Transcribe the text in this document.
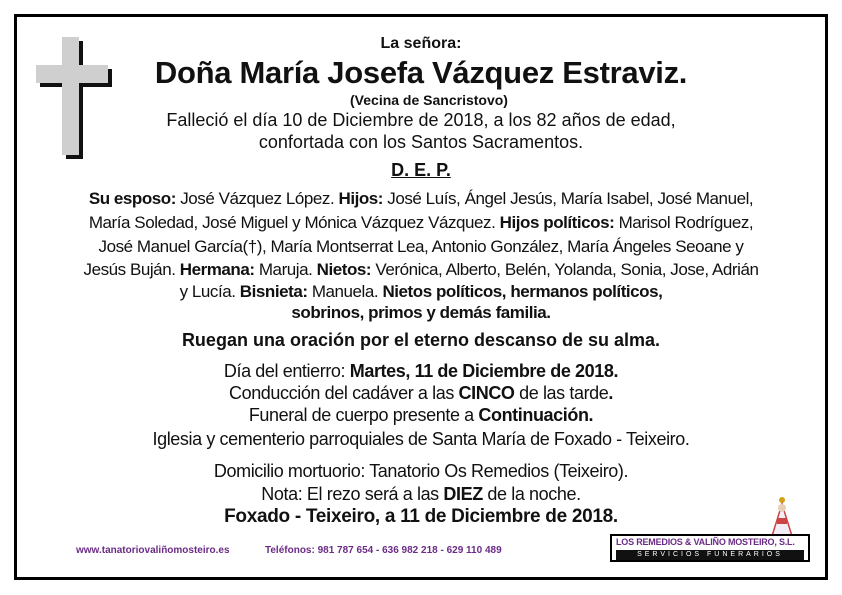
La señora:
Doña María Josefa Vázquez Estraviz.
(Vecina de Sancristovo)
Falleció el día 10 de Diciembre de 2018, a los 82 años de edad,
confortada con los Santos Sacramentos.
D. E. P.
Su esposo: José Vázquez López. Hijos: José Luís, Ángel Jesús, María Isabel, José Manuel,
María Soledad, José Miguel y Mónica Vázquez Vázquez. Hijos políticos: Marisol Rodríguez,
José Manuel García(†), María Montserrat Lea, Antonio González, María Ángeles Seoane y
Jesús Buján. Hermana: Maruja. Nietos: Verónica, Alberto, Belén, Yolanda, Sonia, Jose, Adrián
y Lucía. Bisnieta: Manuela. Nietos políticos, hermanos políticos,
sobrinos, primos y demás familia.
Ruegan una oración por el eterno descanso de su alma.
Día del entierro: Martes, 11 de Diciembre de 2018.
Conducción del cadáver a las CINCO de las tarde.
Funeral de cuerpo presente a Continuación.
Iglesia y cementerio parroquiales de Santa María de Foxado - Teixeiro.
Domicilio mortuorio: Tanatorio Os Remedios (Teixeiro).
Nota: El rezo será a las DIEZ de la noche.
Foxado - Teixeiro, a 11 de Diciembre de 2018.
www.tanatoriovaliñomosteiro.es	Teléfonos: 981 787 654 - 636 982 218 - 629 110 489
LOS REMEDIOS & VALIÑO MOSTEIRO, S.L.
SERVICIOS FUNERARIOS
